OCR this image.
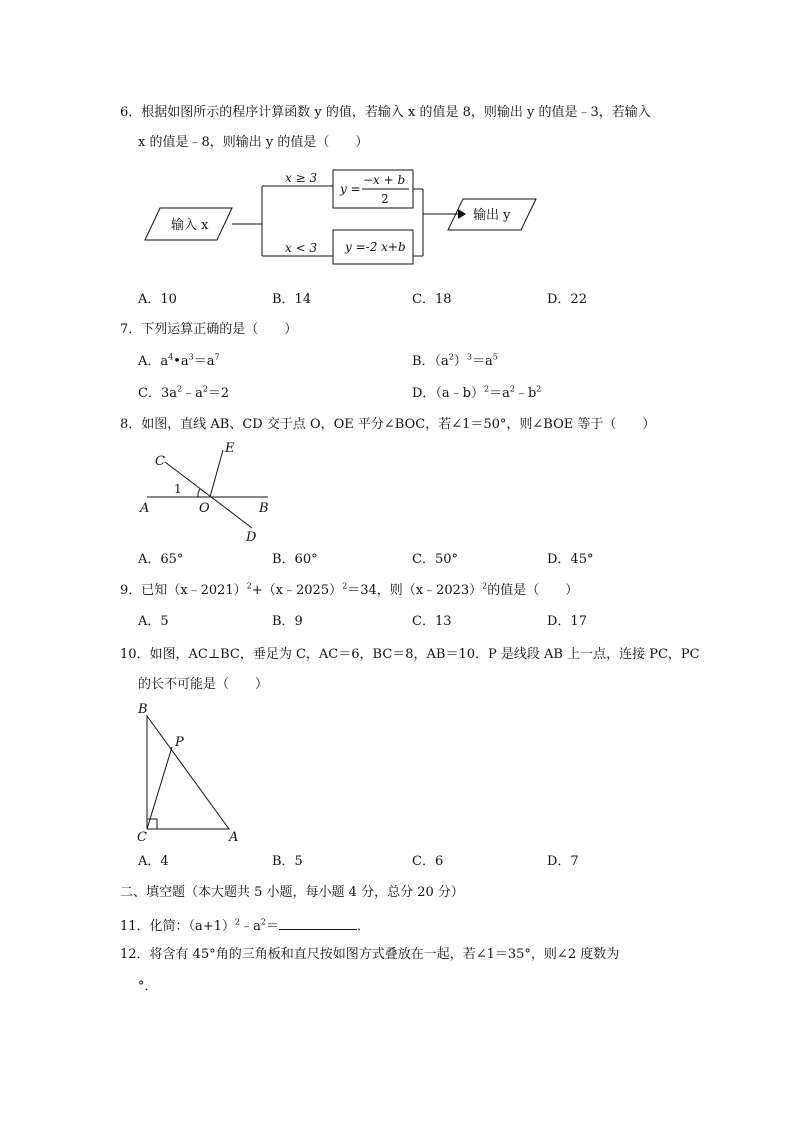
6．根据如图所示的程序计算函数 y 的值，若输入 x 的值是 8，则输出 y 的值是﹣3，若输入
x 的值是﹣8，则输出 y 的值是（　　）
输入 x
x ≥ 3
x < 3
y =
−x + b
2
y =-2 x+b
输出 y
A．10	B．14	C．18	D．22
7．下列运算正确的是（　　）
A．$a^4•a^3=a^7$	B．$(a^2)^3=a^5$
C．$3a^2﹣a^2=2$	D．$(a﹣b)^2=a^2﹣b^2$
8．如图，直线 AB、CD 交于点 O，OE 平分∠BOC，若∠1＝50°，则∠BOE 等于（　　）
C
E
1
A	O	B
D
A．65°	B．60°	C．50°	D．45°
9．已知（x﹣2021）$^2$+（x﹣2025）$^2$＝34，则（x﹣2023）$^2$的值是（　　）
A．5	B．9	C．13	D．17
10．如图，AC⊥BC，垂足为 C，AC＝6，BC＝8，AB＝10．P 是线段 AB 上一点，连接 PC，PC
的长不可能是（　　）
B
P
C	A
A．4	B．5	C．6	D．7
二、填空题（本大题共 5 小题，每小题 4 分，总分 20 分）
11．化简：$(a+1)^2﹣a^2=$	．
12．将含有 45°角的三角板和直尺按如图方式叠放在一起，若∠1＝35°，则∠2 度数为
°．
